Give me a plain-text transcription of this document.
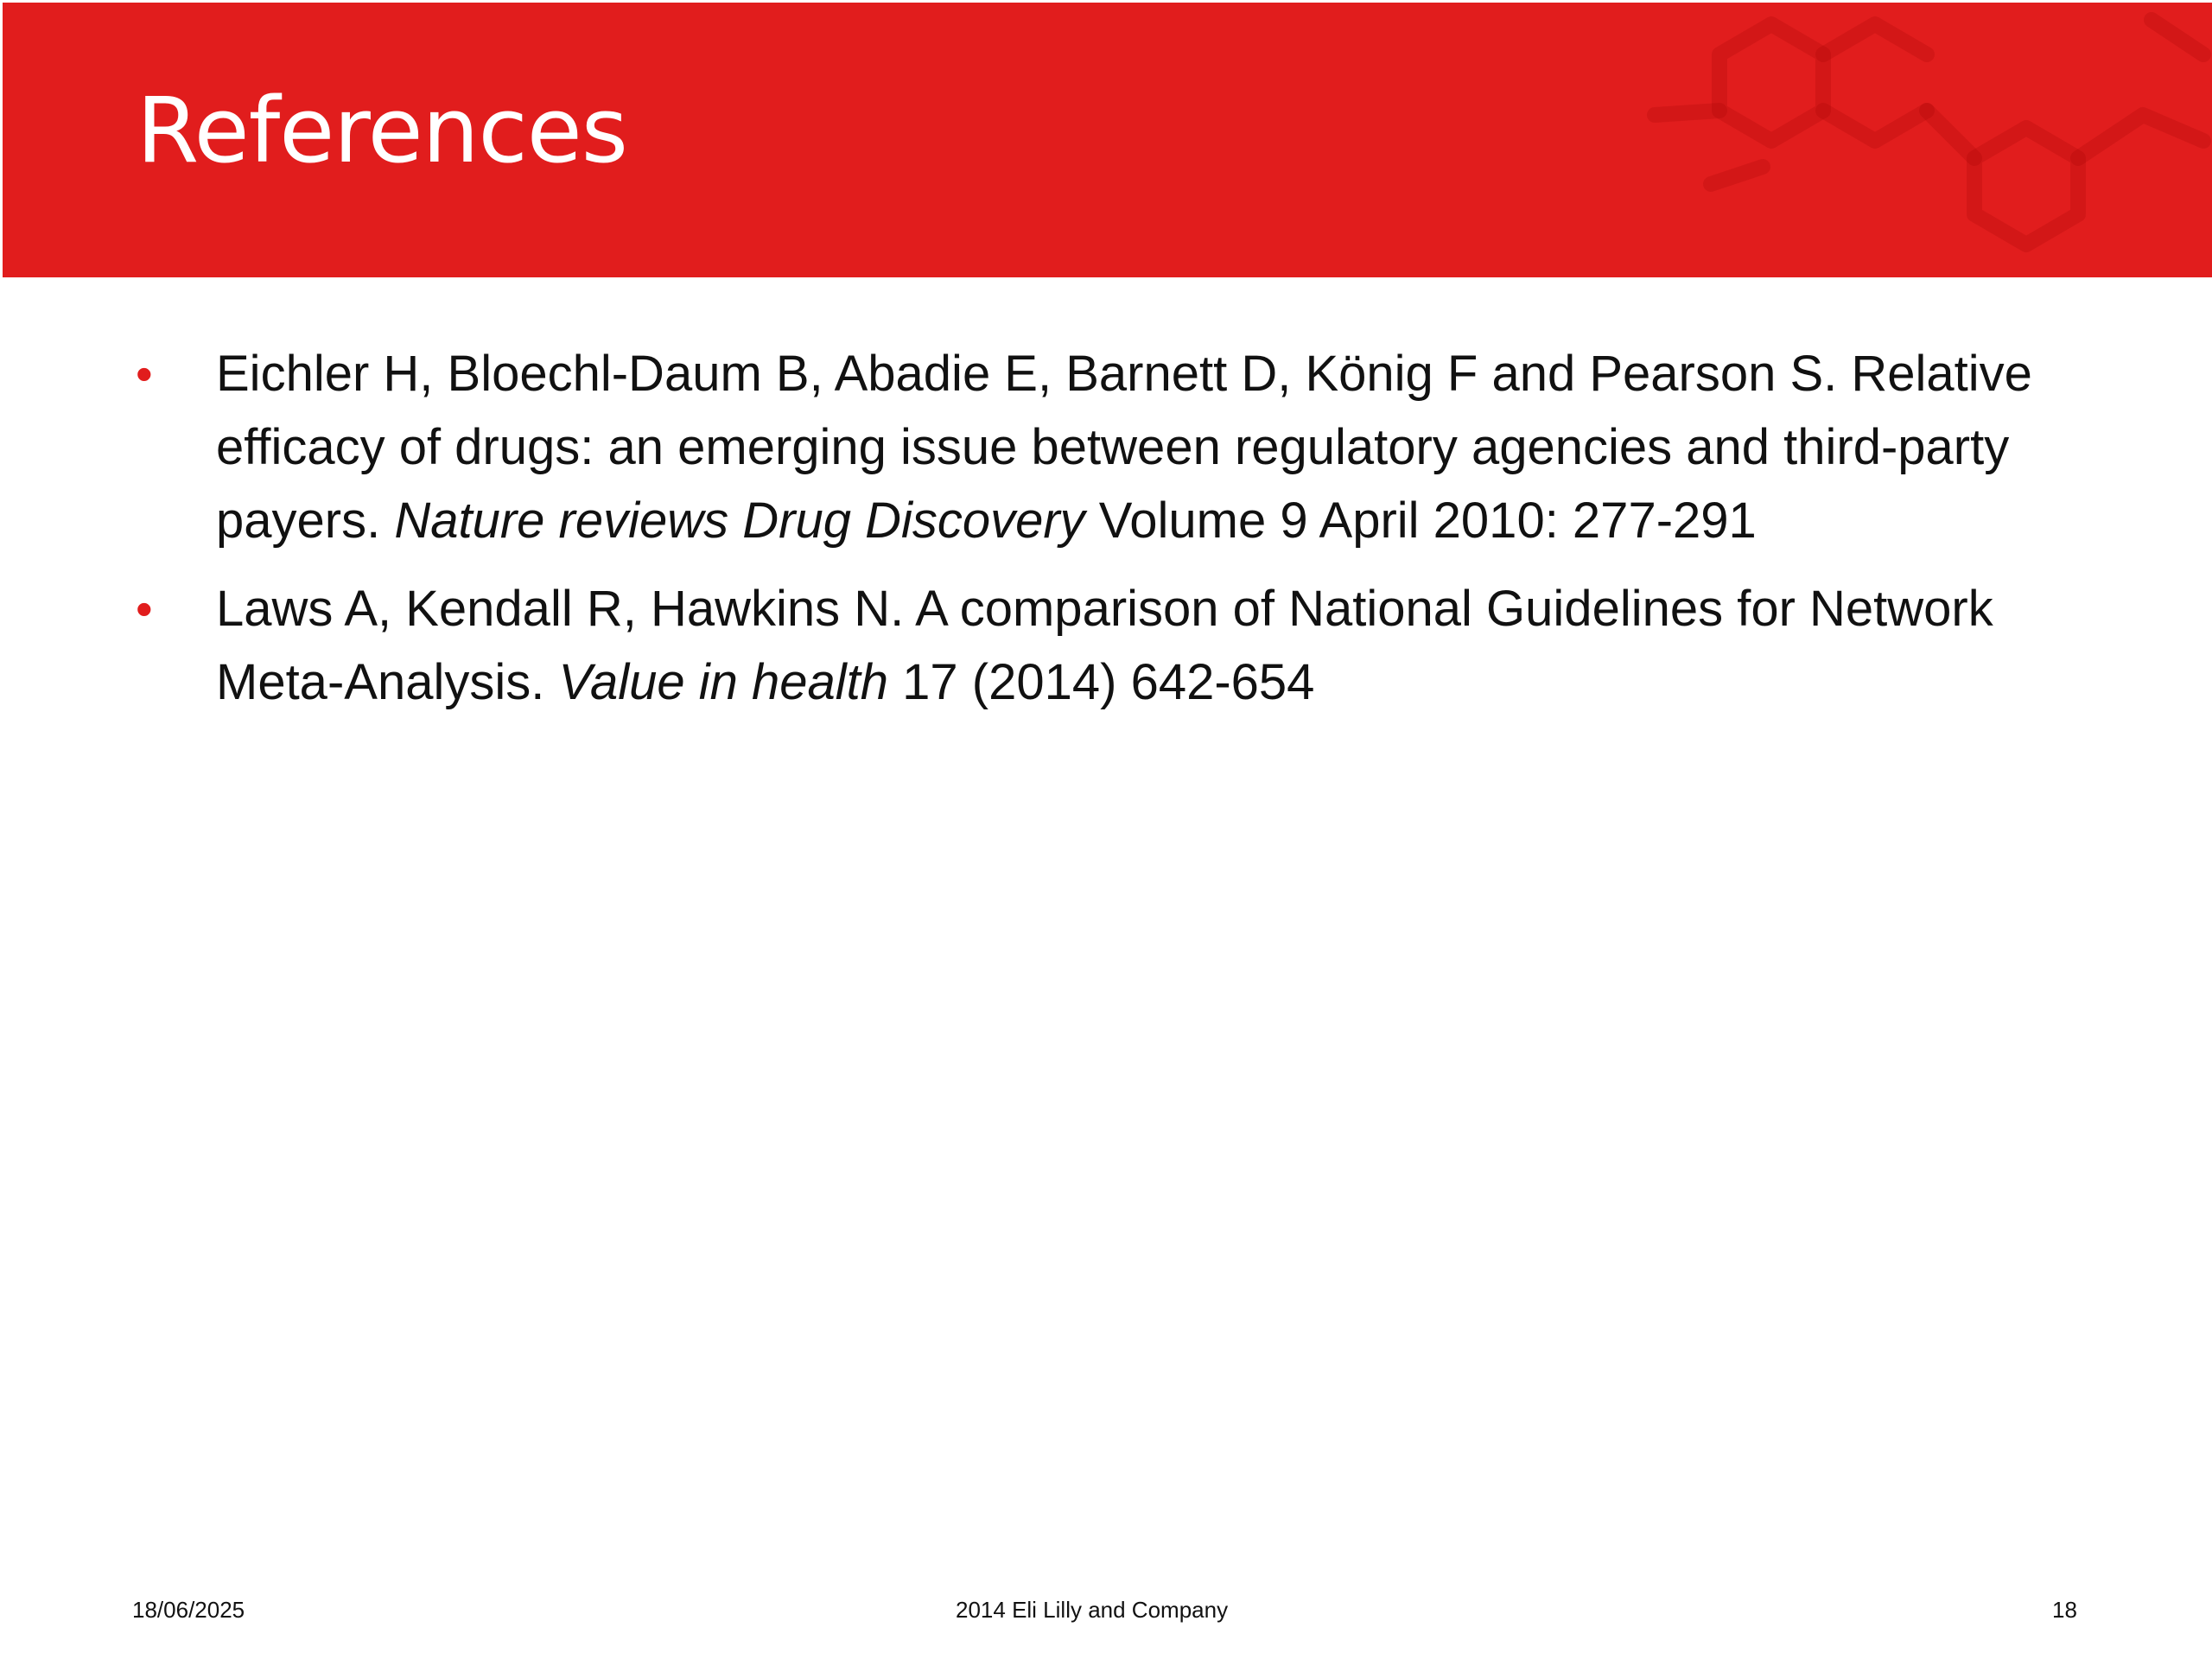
References
•	Eichler H, Bloechl-Daum B, Abadie E, Barnett D, König F and Pearson S. Relative efficacy of drugs: an emerging issue between regulatory agencies and third-party payers. Nature reviews Drug Discovery Volume 9 April 2010: 277-291
•	Laws A, Kendall R, Hawkins N. A comparison of National Guidelines for Network Meta-Analysis. Value in health 17 (2014) 642-654
18/06/2025	2014 Eli Lilly and Company	18
